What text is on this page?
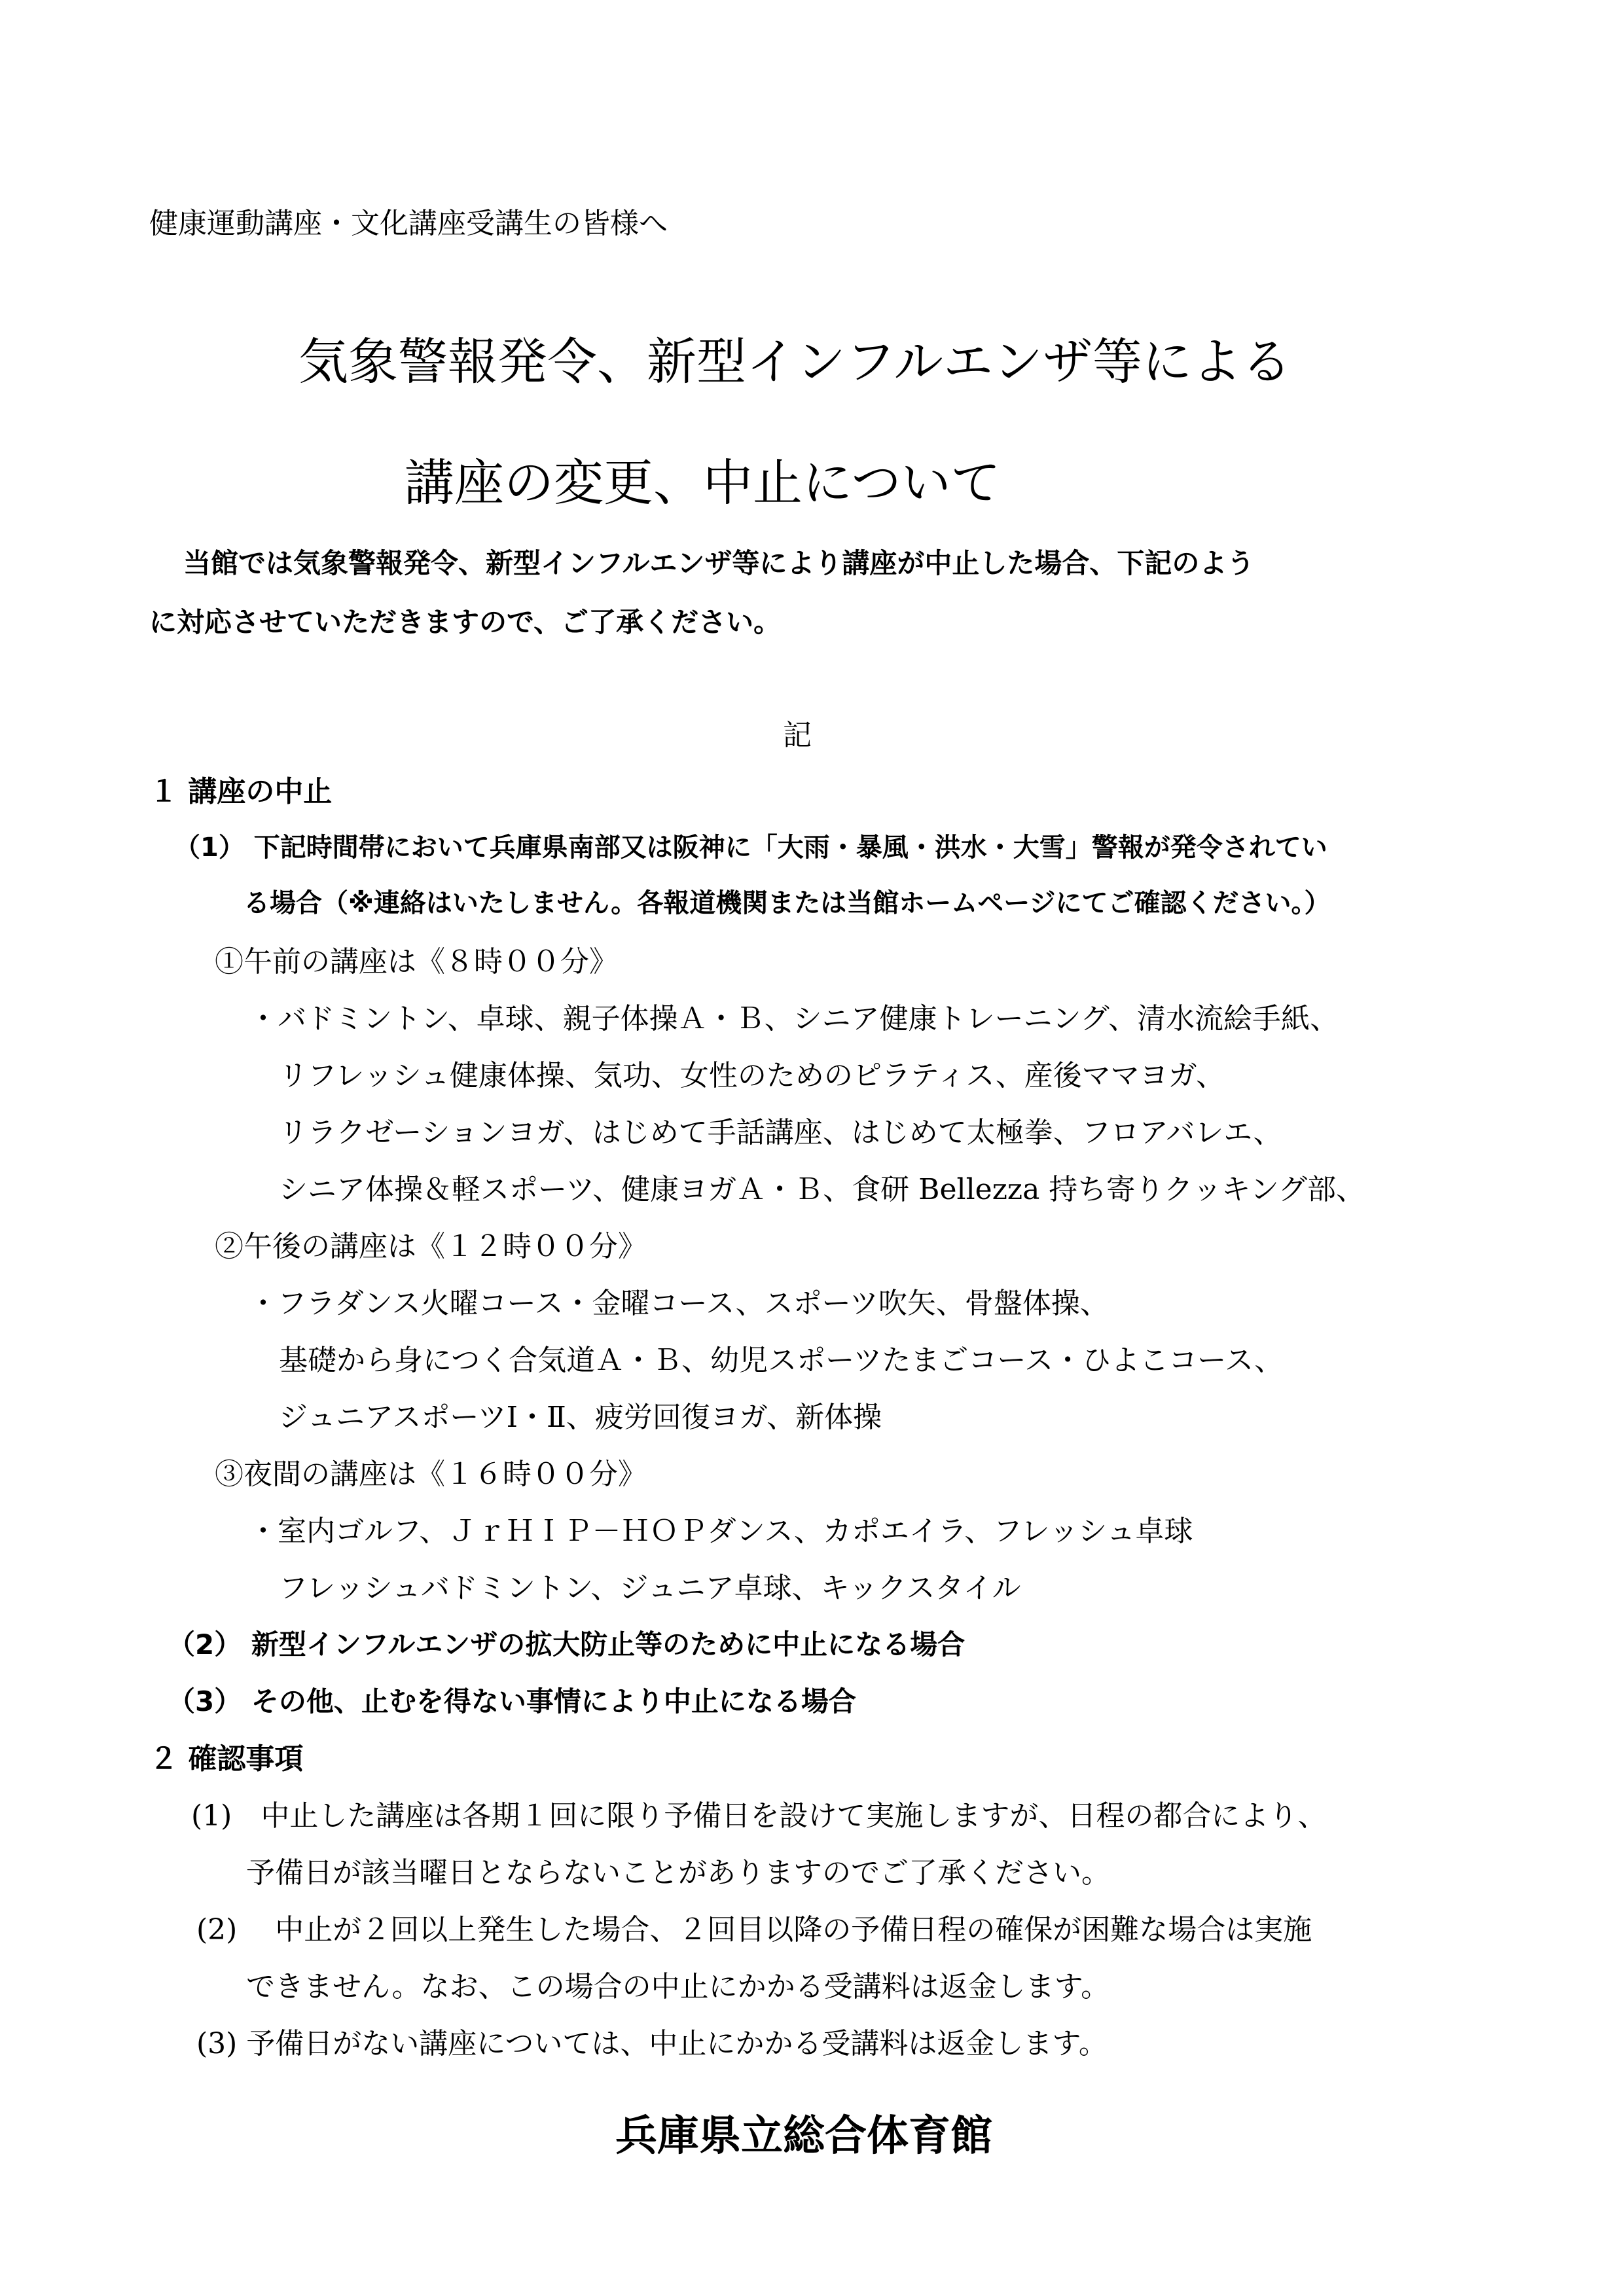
健康運動講座・文化講座受講生の皆様へ
気象警報発令、新型インフルエンザ等による
講座の変更、中止について
当館では気象警報発令、新型インフルエンザ等により講座が中止した場合、下記のよう
に対応させていただきますので、ご了承ください。
記
１ 講座の中止
（1） 下記時間帯において兵庫県南部又は阪神に「大雨・暴風・洪水・大雪」警報が発令されてい
る場合（※連絡はいたしません。各報道機関または当館ホームページにてご確認ください。）
①午前の講座は《８時００分》
・バドミントン、卓球、親子体操Ａ・Ｂ、シニア健康トレーニング、清水流絵手紙、
リフレッシュ健康体操、気功、女性のためのピラティス、産後ママヨガ、
リラクゼーションヨガ、はじめて手話講座、はじめて太極拳、フロアバレエ、
シニア体操＆軽スポーツ、健康ヨガＡ・Ｂ、食研 Bellezza 持ち寄りクッキング部、
②午後の講座は《１２時００分》
・フラダンス火曜コース・金曜コース、スポーツ吹矢、骨盤体操、
基礎から身につく合気道Ａ・Ｂ、幼児スポーツたまごコース・ひよこコース、
ジュニアスポーツⅠ・Ⅱ、疲労回復ヨガ、新体操
③夜間の講座は《１６時００分》
・室内ゴルフ、ＪｒＨＩＰ－ＨＯＰダンス、カポエイラ、フレッシュ卓球
フレッシュバドミントン、ジュニア卓球、キックスタイル
（2） 新型インフルエンザの拡大防止等のために中止になる場合
（3） その他、止むを得ない事情により中止になる場合
２ 確認事項
(1)　中止した講座は各期１回に限り予備日を設けて実施しますが、日程の都合により、
予備日が該当曜日とならないことがありますのでご了承ください。
(2)　 中止が２回以上発生した場合、２回目以降の予備日程の確保が困難な場合は実施
できません。なお、この場合の中止にかかる受講料は返金します。
(3) 予備日がない講座については、中止にかかる受講料は返金します。
兵庫県立総合体育館
